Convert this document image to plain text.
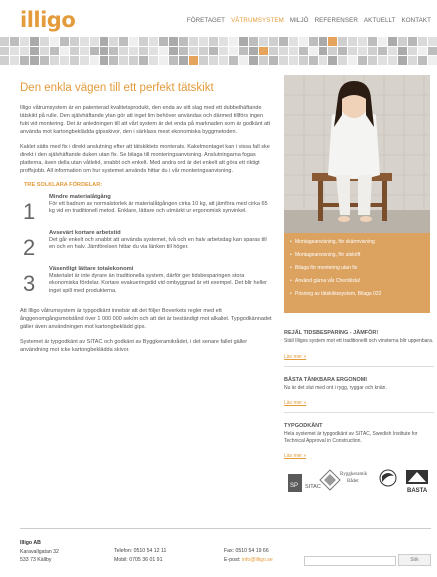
illigo	FÖRETAGET VÅTRUMSYSTEM MILJÖ REFERENSER AKTUELLT KONTAKT
Den enkla vägen till ett perfekt tätskikt

Illigo våtrumsystem är en patenterad kvalitetsprodukt, den enda av sitt slag med ett dubbelhäftande tätskikt på rulle. Den självhäftande ytan gör att inget lim behöver användas och därmed tillförs ingen fukt vid montering. Det är anledningen till att vårt system är det enda på marknaden som är godkänt att använda mot kartongbeklädda gipsskivor, den i särklass mest ekonomiska byggmetoden.

Kaklet sätts med fix i direkt anslutning efter att tätskiktets monterats. Kakelmontaget kan i vissa fall ske direkt i den självhäftande duken utan fix. Se bilaga till monteringsanvisning. Anslutningarna fogas platterna, även della utan våtlelid, snabbt och enkelt. Med andra ord är det enkelt att göra ett riktigt proffsjobb. All information om hur systemet används hittar du i vår monteringsanvisning.

TRE SOLKLARA FÖRDELAR:
1
Mindre materialåtgång
För ett badrum av normalstorlek är materialåtgången cirka 10 kg, att jämföra med cirka 65 kg vid en traditionell metod. Enklare, lättare och utmärkt ur ergonomisk synvinkel.
2
Avsevärt kortare arbetstid
Det går enkelt och snabbt att använda systemet, två och en halv arbetsdag kan sparas till en och en halv. Jämförelsen hittar du via länken till höger.
3
Väsentligt lättare totalekonomi
Materialet är inte dyrare än traditionella system, därför ger tidsbesparingen stora ekonomiska fördelar. Kortare evakueringstid vid ombyggnad är ett exempel. Det blir heller inget spill med produkterna.

Att Illigo våtrumsystem är typgodkänt innebär att det följer Boverkets regler med ett ånggenomgångsmotstånd över 1 000 000 sek/m och att det är beständigt mot alkaliet. Typgodkännadet gäller även användningen mot kartongbeklädd gips.

Systemet är typgodkänt av SITAC och godkänt av Byggkeramikrådet, i det senare fallet gäller användning mot icke kartongbeklädda skivor.

• Montageanvisning, för skärmvisning
• Montageanvisning, för utskrift
• Bilaga för montering utan fix
• Använd gärna vår Checklista!
• Prisning av tätskiktssystem, Bilaga 022
REJÄL TIDSBESPARING - JÄMFÖR!
Ställ Illigos system mot ett traditionellt och vinsterna blir uppenbara.
Läs mer »
BÄSTA TÄNKBARA ERGONOMI
Nu är det slut med ont i rygg, ryggar och knän.
Läs mer »
TYPGODKÄNT
Hela systemet är typgodkänt av SITAC, Swedish Institute for Technical Approval in Construction.
Läs mer »
SP SITAC
Byggkeramik
Rådet
BASTA
Illigo AB
Karavallgatan 32
533 73 Källby
Telefon: 0510 54 12 11
Mobil: 0705 36 01 91
Fax: 0510 54 19 66
E-post: info@illigo.se	Sök
